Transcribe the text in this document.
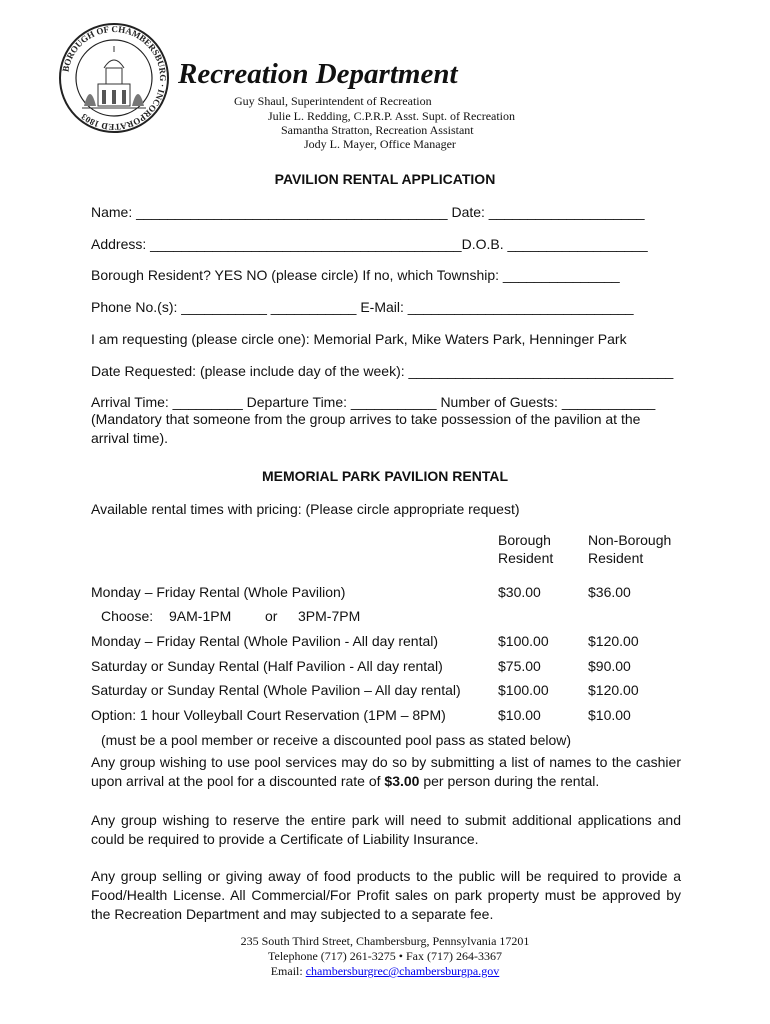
BOROUGH OF CHAMBERSBURG · INCORPORATED 1803
Recreation Department
Guy Shaul, Superintendent of Recreation
Julie L. Redding, C.P.R.P. Asst. Supt. of Recreation
Samantha Stratton, Recreation Assistant
Jody L. Mayer, Office Manager
PAVILION RENTAL APPLICATION
Name: ________________________________________ Date: ____________________
Address: ________________________________________D.O.B. __________________
Borough Resident? YES NO (please circle) If no, which Township: _______________
Phone No.(s): ___________ ___________ E-Mail: _____________________________
I am requesting (please circle one): Memorial Park, Mike Waters Park, Henninger Park
Date Requested: (please include day of the week): __________________________________
Arrival Time: _________ Departure Time: ___________ Number of Guests: ____________
(Mandatory that someone from the group arrives to take possession of the pavilion at the arrival time).
MEMORIAL PARK PAVILION RENTAL
Available rental times with pricing: (Please circle appropriate request)
Borough
Resident
Non-Borough
Resident
Monday – Friday Rental (Whole Pavilion)	$30.00	$36.00
Choose: 9AM-1PM or 3PM-7PM
Monday – Friday Rental (Whole Pavilion - All day rental)	$100.00	$120.00
Saturday or Sunday Rental (Half Pavilion - All day rental)	$75.00	$90.00
Saturday or Sunday Rental (Whole Pavilion – All day rental)	$100.00	$120.00
Option: 1 hour Volleyball Court Reservation (1PM – 8PM)	$10.00	$10.00
(must be a pool member or receive a discounted pool pass as stated below)
Any group wishing to use pool services may do so by submitting a list of names to the cashier upon arrival at the pool for a discounted rate of $3.00 per person during the rental.
Any group wishing to reserve the entire park will need to submit additional applications and could be required to provide a Certificate of Liability Insurance.
Any group selling or giving away of food products to the public will be required to provide a Food/Health License. All Commercial/For Profit sales on park property must be approved by the Recreation Department and may subjected to a separate fee.
235 South Third Street, Chambersburg, Pennsylvania 17201
Telephone (717) 261-3275 • Fax (717) 264-3367
Email: chambersburgrec@chambersburgpa.gov
